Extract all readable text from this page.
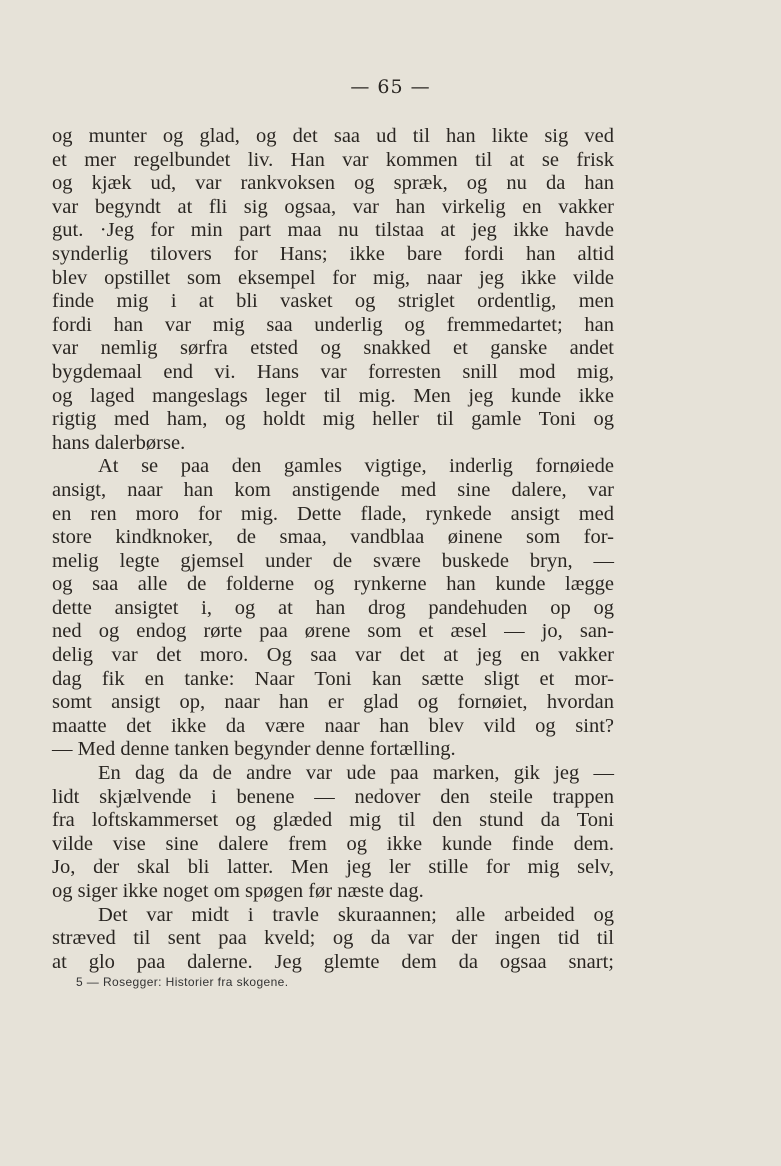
— 65 —
og munter og glad, og det saa ud til han likte sig ved
et mer regelbundet liv. Han var kommen til at se frisk
og kjæk ud, var rankvoksen og spræk, og nu da han
var begyndt at fli sig ogsaa, var han virkelig en vakker
gut. ·Jeg for min part maa nu tilstaa at jeg ikke havde
synderlig tilovers for Hans; ikke bare fordi han altid
blev opstillet som eksempel for mig, naar jeg ikke vilde
finde mig i at bli vasket og striglet ordentlig, men
fordi han var mig saa underlig og fremmedartet; han
var nemlig sørfra etsted og snakked et ganske andet
bygdemaal end vi. Hans var forresten snill mod mig,
og laged mangeslags leger til mig. Men jeg kunde ikke
rigtig med ham, og holdt mig heller til gamle Toni og
hans dalerbørse.
At se paa den gamles vigtige, inderlig fornøiede
ansigt, naar han kom anstigende med sine dalere, var
en ren moro for mig. Dette flade, rynkede ansigt med
store kindknoker, de smaa, vandblaa øinene som for-
melig legte gjemsel under de svære buskede bryn, —
og saa alle de folderne og rynkerne han kunde lægge
dette ansigtet i, og at han drog pandehuden op og
ned og endog rørte paa ørene som et æsel — jo, san-
delig var det moro. Og saa var det at jeg en vakker
dag fik en tanke: Naar Toni kan sætte sligt et mor-
somt ansigt op, naar han er glad og fornøiet, hvordan
maatte det ikke da være naar han blev vild og sint?
— Med denne tanken begynder denne fortælling.
En dag da de andre var ude paa marken, gik jeg —
lidt skjælvende i benene — nedover den steile trappen
fra loftskammerset og glæded mig til den stund da Toni
vilde vise sine dalere frem og ikke kunde finde dem.
Jo, der skal bli latter. Men jeg ler stille for mig selv,
og siger ikke noget om spøgen før næste dag.
Det var midt i travle skuraannen; alle arbeided og
stræved til sent paa kveld; og da var der ingen tid til
at glo paa dalerne. Jeg glemte dem da ogsaa snart;
5 — Rosegger: Historier fra skogene.
